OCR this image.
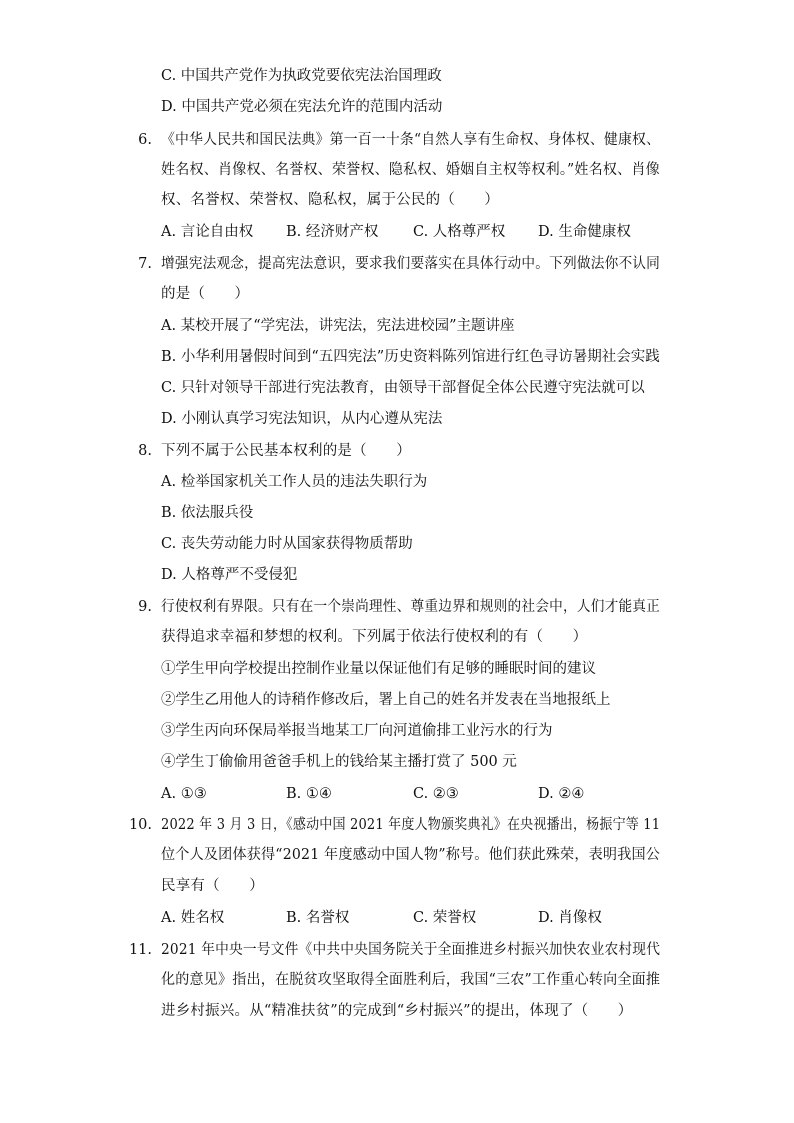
C. 中国共产党作为执政党要依宪法治国理政
D. 中国共产党必须在宪法允许的范围内活动
6. 《中华人民共和国民法典》第一百一十条“自然人享有生命权、身体权、健康权、
姓名权、肖像权、名誉权、荣誉权、隐私权、婚姻自主权等权利。”姓名权、肖像
权、名誉权、荣誉权、隐私权，属于公民的（　　）
A. 言论自由权 B. 经济财产权 C. 人格尊严权 D. 生命健康权
7. 增强宪法观念，提高宪法意识，要求我们要落实在具体行动中。下列做法你不认同
的是（　　）
A. 某校开展了“学宪法，讲宪法，宪法进校园”主题讲座
B. 小华利用暑假时间到“五四宪法”历史资料陈列馆进行红色寻访暑期社会实践
C. 只针对领导干部进行宪法教育，由领导干部督促全体公民遵守宪法就可以
D. 小刚认真学习宪法知识，从内心遵从宪法
8. 下列不属于公民基本权利的是（　　）
A. 检举国家机关工作人员的违法失职行为
B. 依法服兵役
C. 丧失劳动能力时从国家获得物质帮助
D. 人格尊严不受侵犯
9. 行使权利有界限。只有在一个崇尚理性、尊重边界和规则的社会中，人们才能真正
获得追求幸福和梦想的权利。下列属于依法行使权利的有（　　）
①学生甲向学校提出控制作业量以保证他们有足够的睡眠时间的建议
②学生乙用他人的诗稍作修改后，署上自己的姓名并发表在当地报纸上
③学生丙向环保局举报当地某工厂向河道偷排工业污水的行为
④学生丁偷偷用爸爸手机上的钱给某主播打赏了 500 元
A. ①③	B. ①④	C. ②③	D. ②④
10. 2022 年 3 月 3 日，《感动中国 2021 年度人物颁奖典礼》在央视播出，杨振宁等 11
位个人及团体获得“2021 年度感动中国人物”称号。他们获此殊荣，表明我国公
民享有（　　）
A. 姓名权	B. 名誉权	C. 荣誉权	D. 肖像权
11. 2021 年中央一号文件《中共中央国务院关于全面推进乡村振兴加快农业农村现代
化的意见》指出，在脱贫攻坚取得全面胜利后，我国“三农”工作重心转向全面推
进乡村振兴。从“精准扶贫”的完成到“乡村振兴”的提出，体现了（　　）
